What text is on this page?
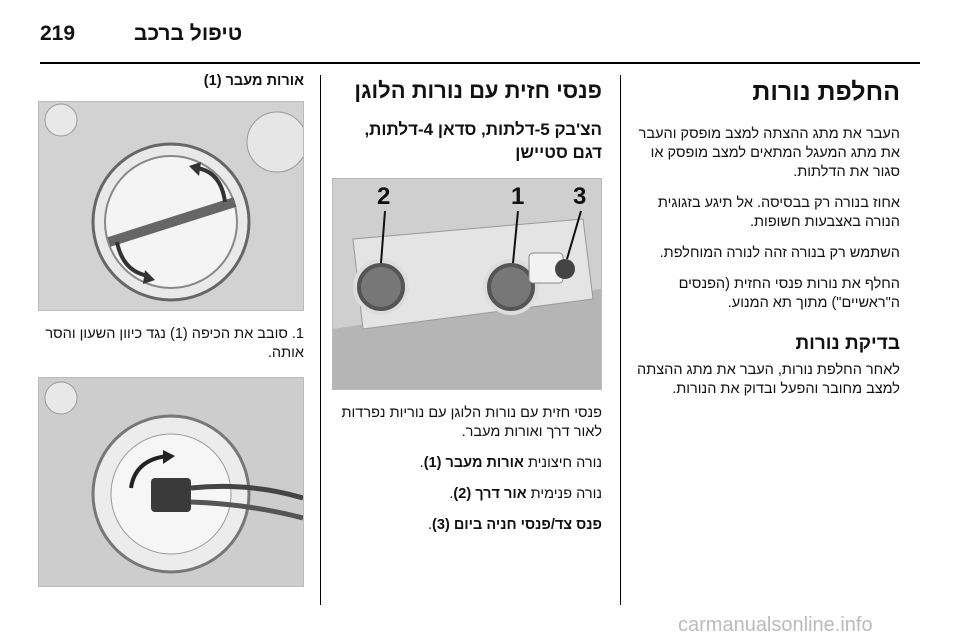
219	טיפול ברכב
החלפת נורות

העבר את מתג ההצתה למצב מופסק והעבר את מתג המעגל המתאים למצב מופסק או סגור את הדלתות.

אחוז בנורה רק בבסיסה. אל תיגע בזגוגית הנורה באצבעות חשופות.

השתמש רק בנורה זהה לנורה המוחלפת.

החלף את נורות פנסי החזית (הפנסים ה"ראשיים") מתוך תא המנוע.

בדיקת נורות

לאחר החלפת נורות, העבר את מתג ההצתה למצב מחובר והפעל ובדוק את הנורות.

פנסי חזית עם נורות הלוגן
הצ'בק 5-דלתות, סדאן 4-דלתות, דגם סטיישן
2	1 3

פנסי חזית עם נורות הלוגן עם נוריות נפרדות לאור דרך ואורות מעבר.

נורה חיצונית אורות מעבר (1).

נורה פנימית אור דרך (2).

פנס צד/פנסי חניה ביום (3).

אורות מעבר (1)

1. סובב את הכיפה (1) נגד כיוון השעון והסר אותה.

carmanualsonline.info
